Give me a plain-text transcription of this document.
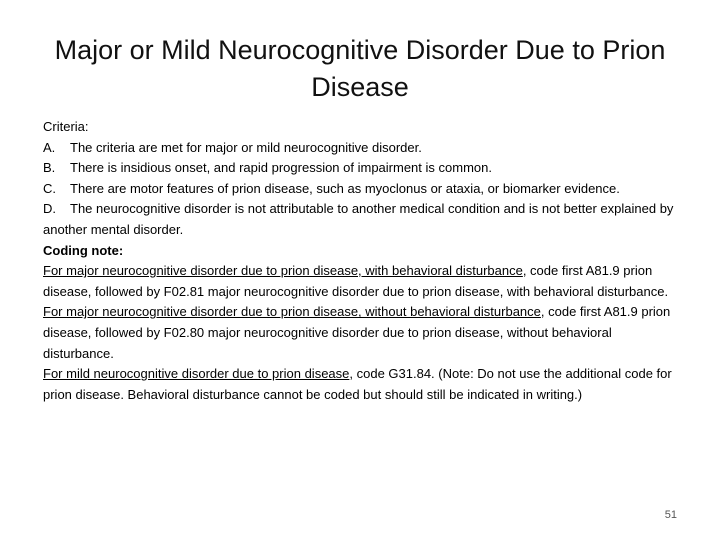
Major or Mild Neurocognitive Disorder Due to Prion Disease
Criteria:
A.	The criteria are met for major or mild neurocognitive disorder.
B.	There is insidious onset, and rapid progression of impairment is common.
C.	There are motor features of prion disease, such as myoclonus or ataxia, or biomarker evidence.
D. The neurocognitive disorder is not attributable to another medical condition and is not better explained by another mental disorder.
Coding note:
For major neurocognitive disorder due to prion disease, with behavioral disturbance, code first A81.9 prion disease, followed by F02.81 major neurocognitive disorder due to prion disease, with behavioral disturbance.
For major neurocognitive disorder due to prion disease, without behavioral disturbance, code first A81.9 prion disease, followed by F02.80 major neurocognitive disorder due to prion disease, without behavioral disturbance.
For mild neurocognitive disorder due to prion disease, code G31.84. (Note: Do not use the additional code for prion disease. Behavioral disturbance cannot be coded but should still be indicated in writing.)
51
